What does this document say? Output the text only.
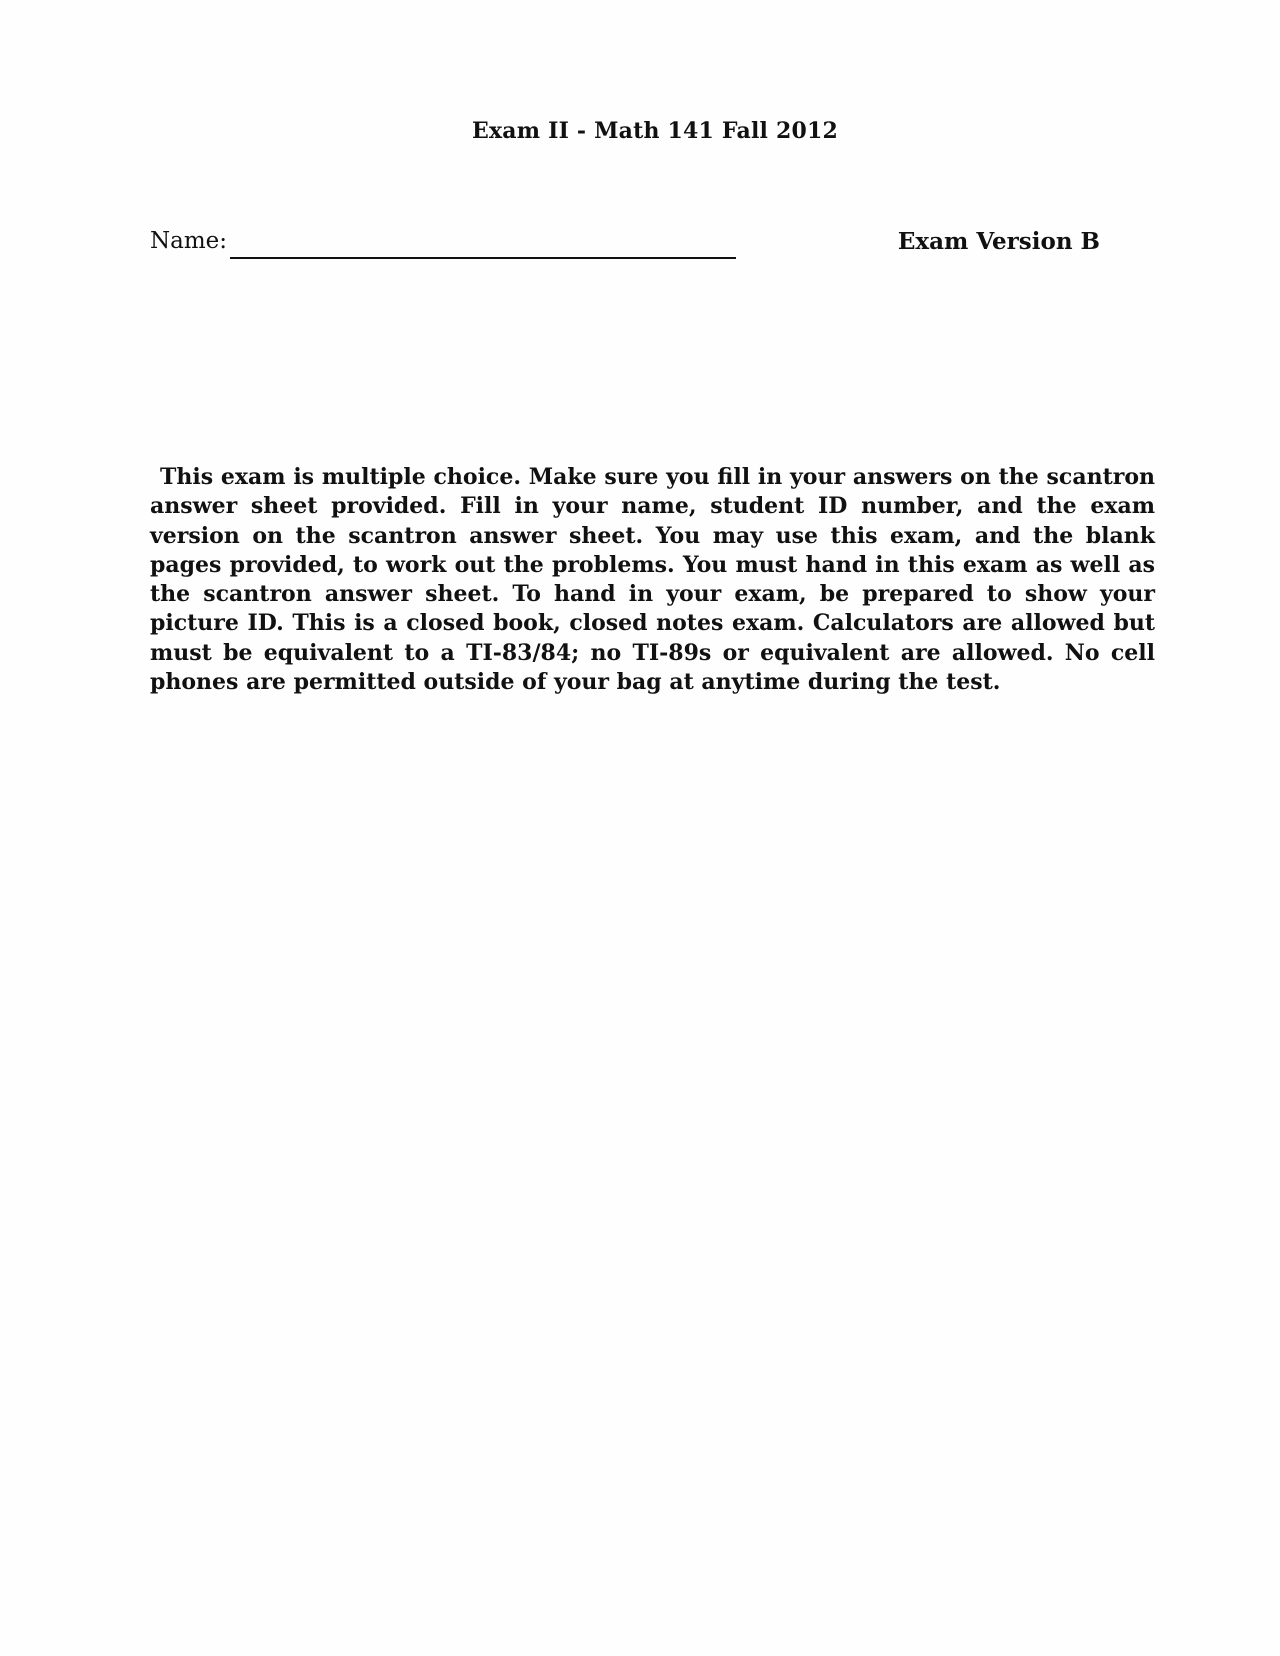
Exam II - Math 141 Fall 2012
Name:	Exam Version B

This exam is multiple choice. Make sure you fill in your answers on the scantron answer sheet provided. Fill in your name, student ID number, and the exam version on the scantron answer sheet. You may use this exam, and the blank pages provided, to work out the problems. You must hand in this exam as well as the scantron answer sheet. To hand in your exam, be prepared to show your picture ID. This is a closed book, closed notes exam. Calculators are allowed but must be equivalent to a TI-83/84; no TI-89s or equivalent are allowed. No cell phones are permitted outside of your bag at anytime during the test.
